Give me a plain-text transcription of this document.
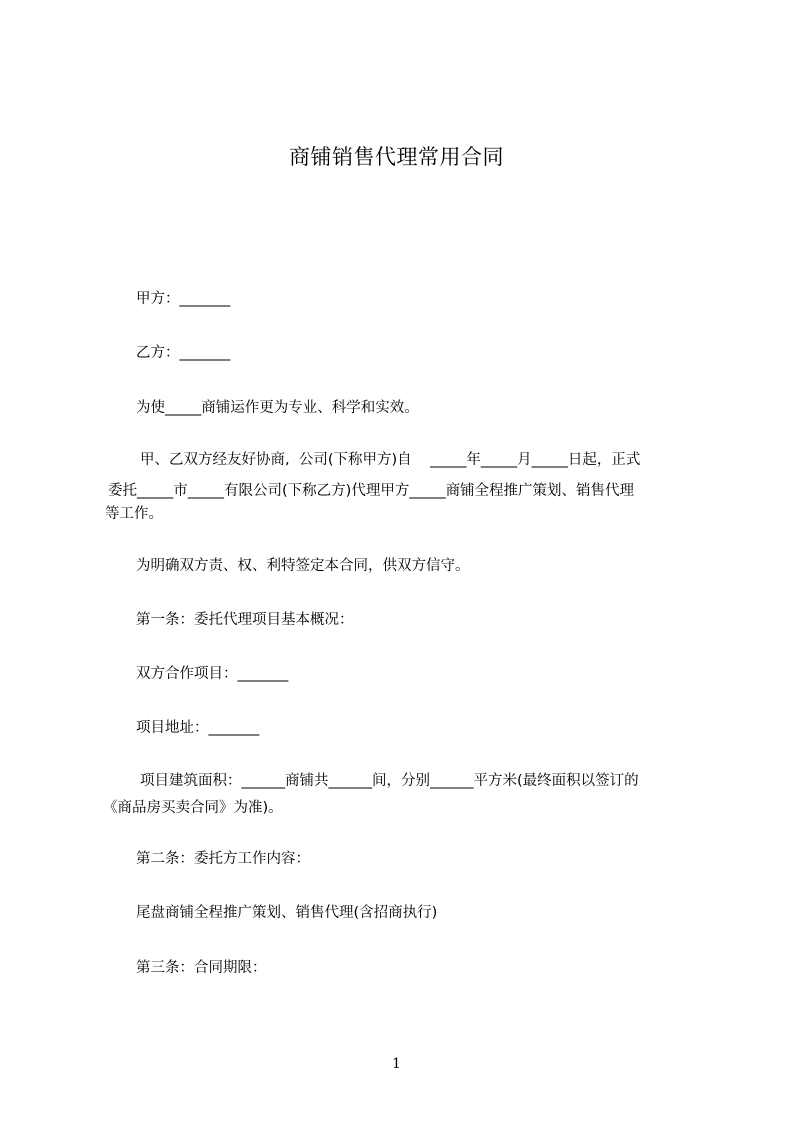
商铺销售代理常用合同
甲方：_______
乙方：_______
为使_____商铺运作更为专业、科学和实效。
甲、乙双方经友好协商,  公司(下称甲方)自    _____年_____月_____日起，正式
委托_____市_____有限公司(下称乙方)代理甲方_____商铺全程推广策划、销售代理
等工作。
为明确双方责、权、利特签定本合同，供双方信守。
第一条：委托代理项目基本概况：
双方合作项目：_______
项目地址：_______
项目建筑面积：______商铺共______间，分别______平方米(最终面积以签订的
《商品房买卖合同》为准)。
第二条：委托方工作内容：
尾盘商铺全程推广策划、销售代理(含招商执行)
第三条：合同期限：
1
